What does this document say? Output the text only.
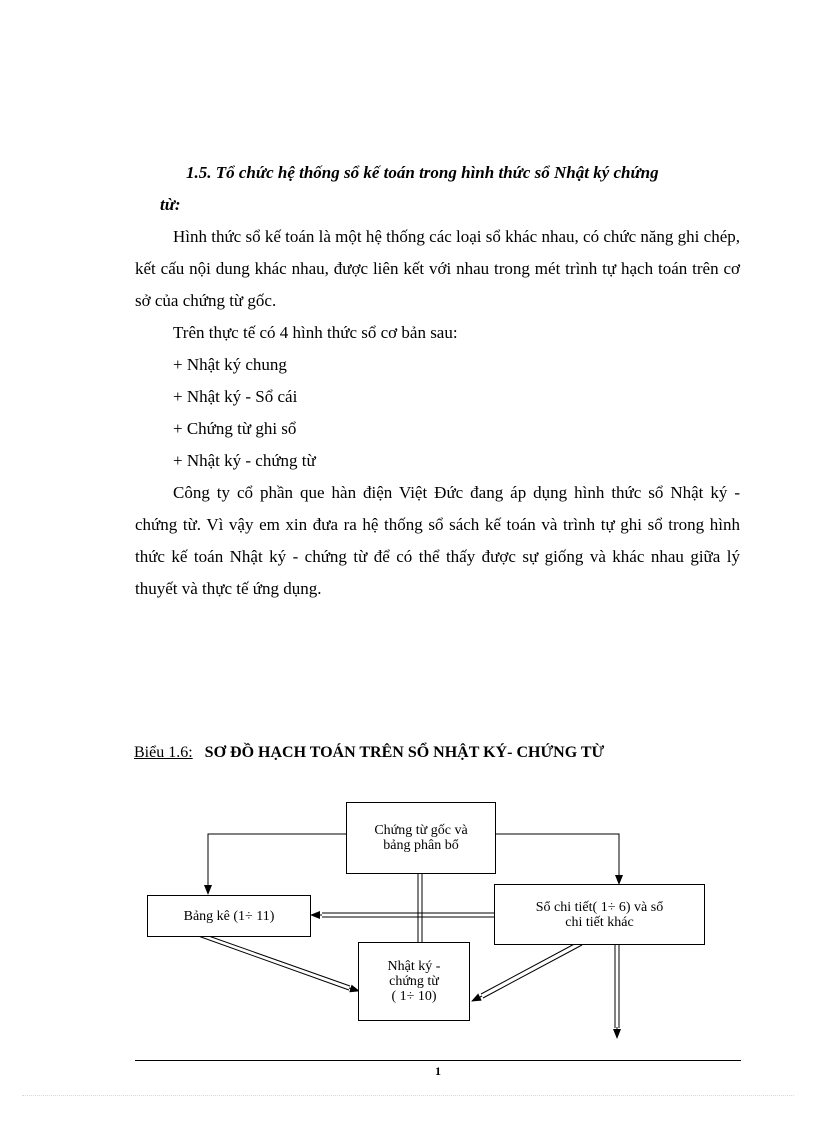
1.5. Tổ chức hệ thống sổ kế toán trong hình thức sổ Nhật ký chứng
từ:
Hình thức sổ kế toán là một hệ thống các loại sổ khác nhau, có chức năng ghi chép, kết cấu nội dung khác nhau, được liên kết với nhau trong mét trình tự hạch toán trên cơ sở của chứng từ gốc.
Trên thực tế có 4 hình thức sổ cơ bản sau:
+ Nhật ký chung
+ Nhật ký - Sổ cái
+ Chứng từ ghi sổ
+ Nhật ký - chứng từ
Công ty cổ phần que hàn điện Việt Đức đang áp dụng hình thức sổ Nhật ký - chứng từ. Vì vậy em xin đưa ra hệ thống sổ sách kế toán và trình tự ghi sổ trong hình thức kế toán Nhật ký - chứng từ để có thể thấy được sự giống và khác nhau giữa lý thuyết và thực tế ứng dụng.
Biểu 1.6: SƠ ĐỒ HẠCH TOÁN TRÊN SỔ NHẬT KÝ- CHỨNG TỪ
Chứng từ gốc và
bảng phân bổ
Bảng kê (1÷ 11)
Sổ chi tiết( 1÷ 6) và sổ
chi tiết khác
Nhật ký -
chứng từ
( 1÷ 10)
1
